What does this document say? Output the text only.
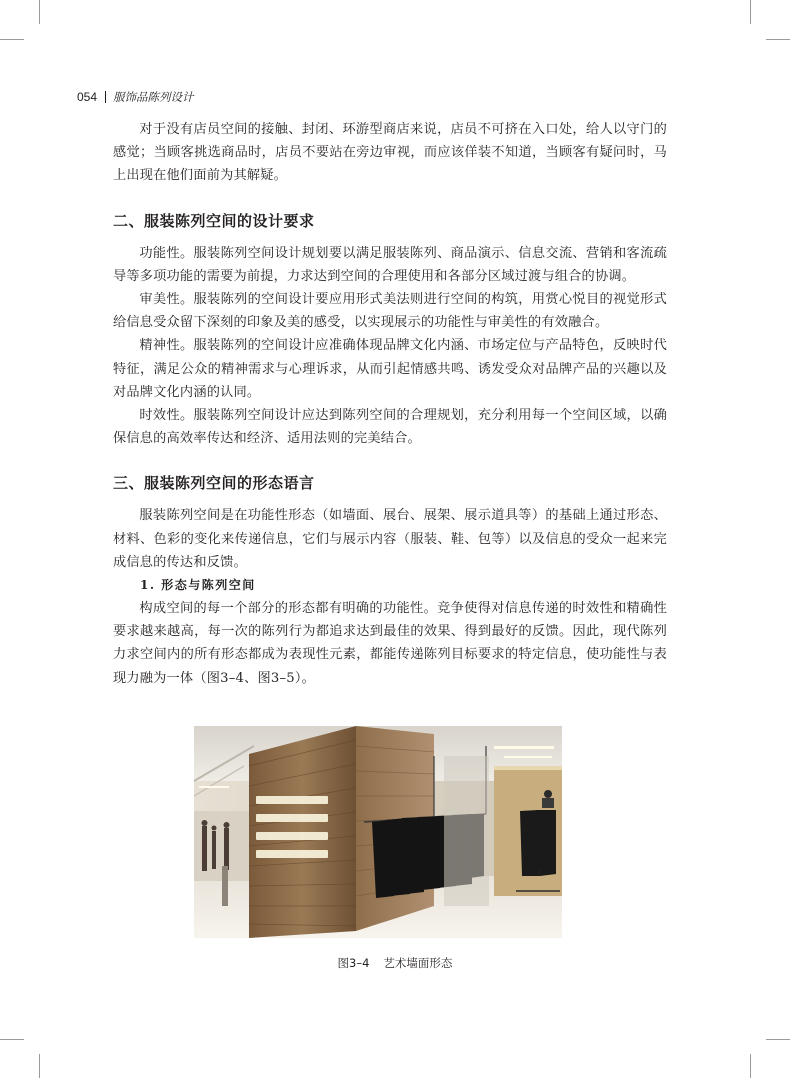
054 服饰品陈列设计

对于没有店员空间的接触、封闭、环游型商店来说，店员不可挤在入口处，给人以守门的感觉；当顾客挑选商品时，店员不要站在旁边审视，而应该佯装不知道，当顾客有疑问时，马上出现在他们面前为其解疑。

二、服装陈列空间的设计要求

功能性。服装陈列空间设计规划要以满足服装陈列、商品演示、信息交流、营销和客流疏导等多项功能的需要为前提，力求达到空间的合理使用和各部分区域过渡与组合的协调。

审美性。服装陈列的空间设计要应用形式美法则进行空间的构筑，用赏心悦目的视觉形式给信息受众留下深刻的印象及美的感受，以实现展示的功能性与审美性的有效融合。

精神性。服装陈列的空间设计应准确体现品牌文化内涵、市场定位与产品特色，反映时代特征，满足公众的精神需求与心理诉求，从而引起情感共鸣、诱发受众对品牌产品的兴趣以及对品牌文化内涵的认同。

时效性。服装陈列空间设计应达到陈列空间的合理规划，充分利用每一个空间区域，以确保信息的高效率传达和经济、适用法则的完美结合。

三、服装陈列空间的形态语言

服装陈列空间是在功能性形态（如墙面、展台、展架、展示道具等）的基础上通过形态、材料、色彩的变化来传递信息，它们与展示内容（服装、鞋、包等）以及信息的受众一起来完成信息的传达和反馈。

1. 形态与陈列空间

构成空间的每一个部分的形态都有明确的功能性。竞争使得对信息传递的时效性和精确性要求越来越高，每一次的陈列行为都追求达到最佳的效果、得到最好的反馈。因此，现代陈列力求空间内的所有形态都成为表现性元素，都能传递陈列目标要求的特定信息，使功能性与表现力融为一体（图3–4、图3–5）。

图3–4 艺术墙面形态
